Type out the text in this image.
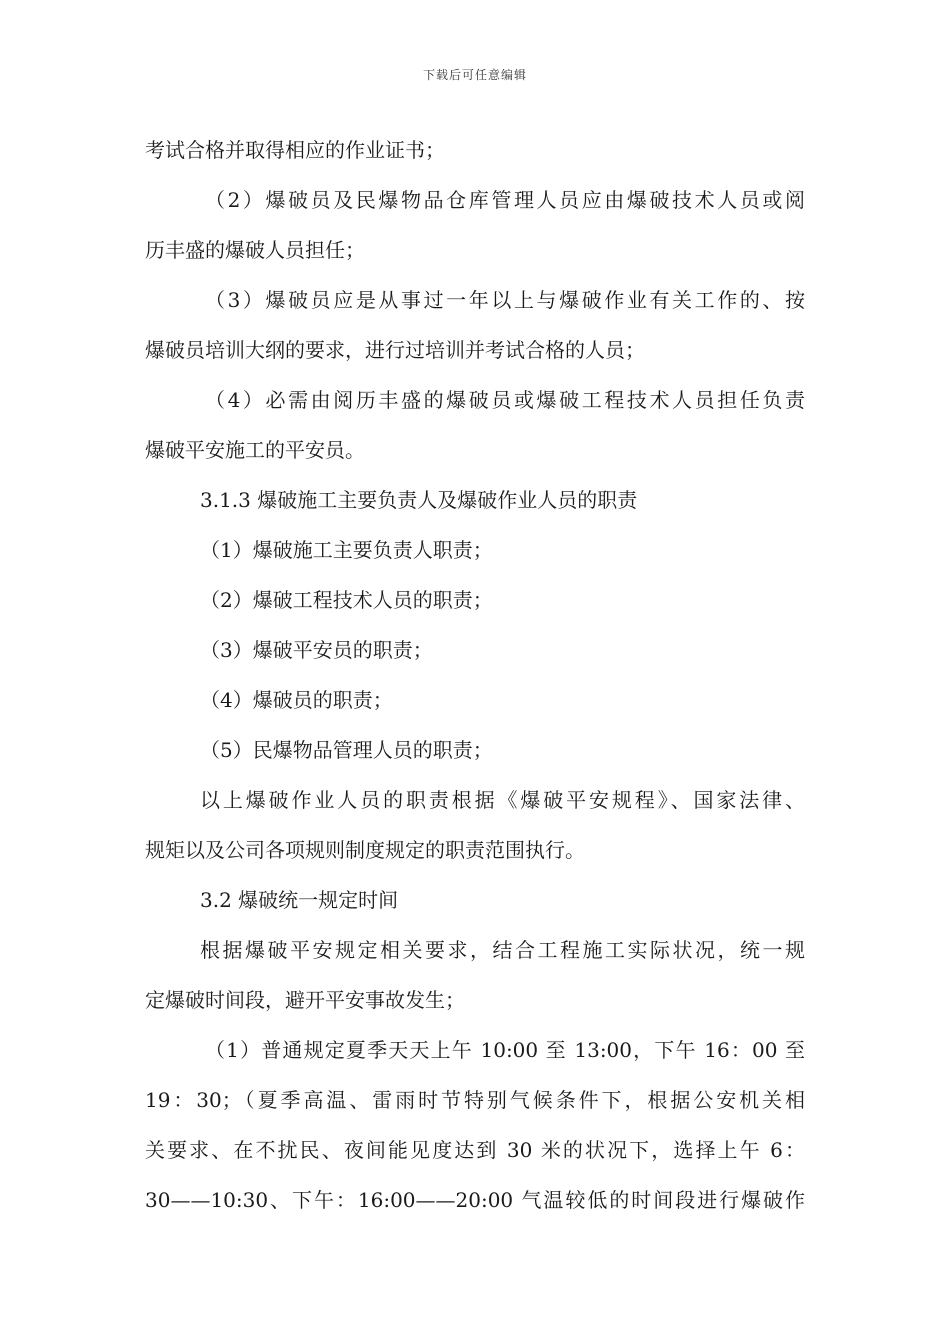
下载后可任意编辑
考试合格并取得相应的作业证书；
（2）爆破员及民爆物品仓库管理人员应由爆破技术人员或阅
历丰盛的爆破人员担任；
（3）爆破员应是从事过一年以上与爆破作业有关工作的、按
爆破员培训大纲的要求，进行过培训并考试合格的人员；
（4）必需由阅历丰盛的爆破员或爆破工程技术人员担任负责
爆破平安施工的平安员。
3.1.3 爆破施工主要负责人及爆破作业人员的职责
（1）爆破施工主要负责人职责；
（2）爆破工程技术人员的职责；
（3）爆破平安员的职责；
（4）爆破员的职责；
（5）民爆物品管理人员的职责；
以上爆破作业人员的职责根据《爆破平安规程》、国家法律、
规矩以及公司各项规则制度规定的职责范围执行。
3.2 爆破统一规定时间
根据爆破平安规定相关要求，结合工程施工实际状况，统一规
定爆破时间段，避开平安事故发生；
（1）普通规定夏季天天上午 10:00 至 13:00，下午 16：00 至
19：30；（夏季高温、雷雨时节特别气候条件下，根据公安机关相
关要求、在不扰民、夜间能见度达到 30 米的状况下，选择上午 6：
30——10:30、下午：16:00——20:00 气温较低的时间段进行爆破作
